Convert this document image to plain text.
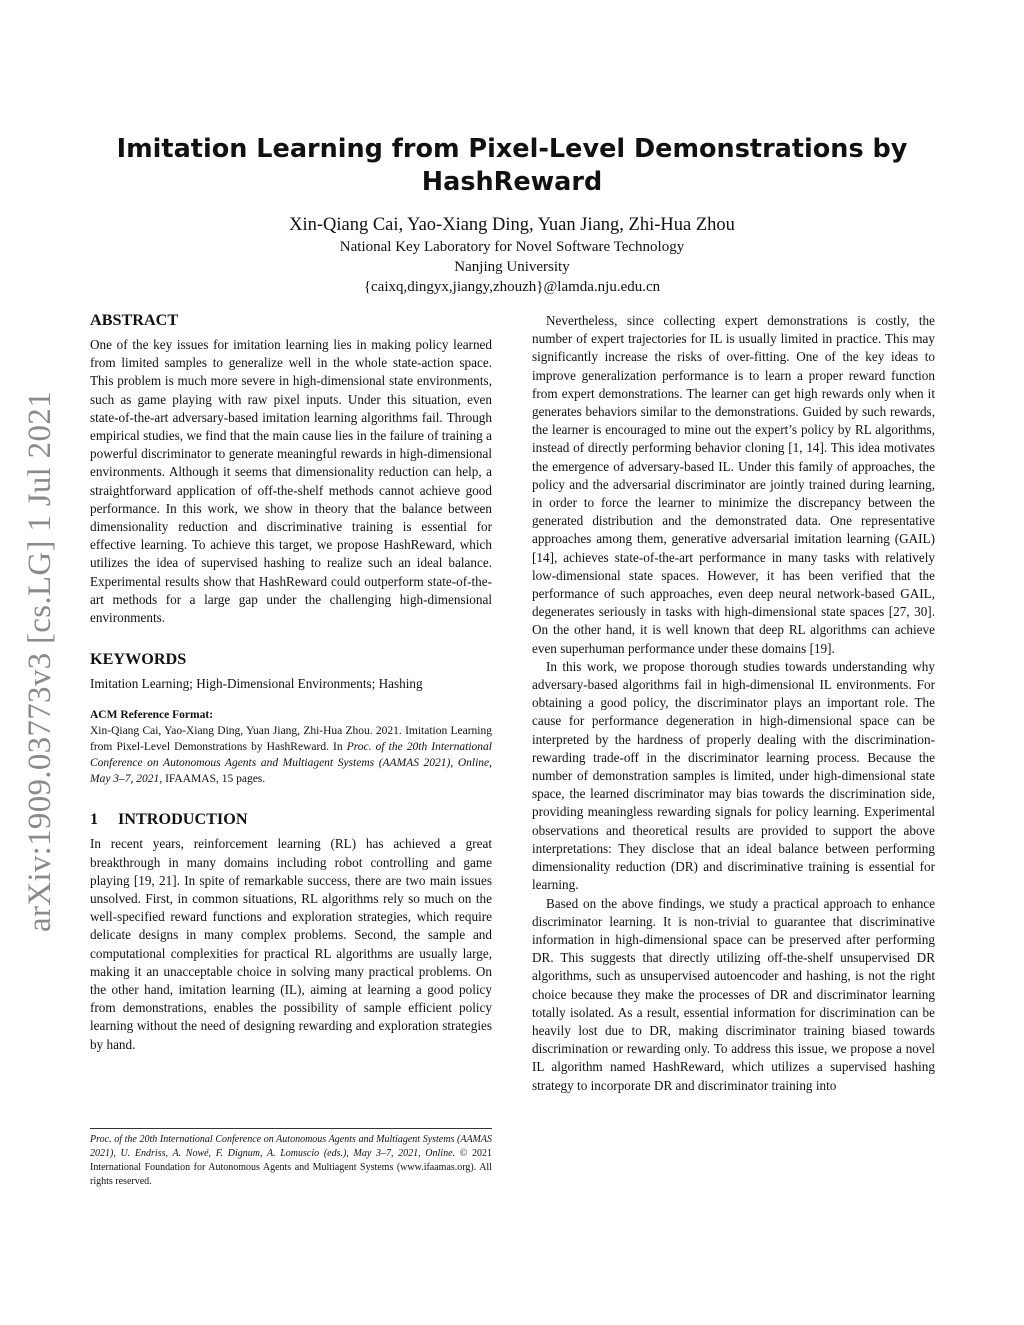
arXiv:1909.03773v3 [cs.LG] 1 Jul 2021
Imitation Learning from Pixel-Level Demonstrations by
HashReward
Xin-Qiang Cai, Yao-Xiang Ding, Yuan Jiang, Zhi-Hua Zhou
National Key Laboratory for Novel Software Technology
Nanjing University
{caixq,dingyx,jiangy,zhouzh}@lamda.nju.edu.cn
ABSTRACT

One of the key issues for imitation learning lies in making policy learned from limited samples to generalize well in the whole state-action space. This problem is much more severe in high-dimensional state environments, such as game playing with raw pixel inputs. Under this situation, even state-of-the-art adversary-based imitation learning algorithms fail. Through empirical studies, we find that the main cause lies in the failure of training a powerful discriminator to generate meaningful rewards in high-dimensional environments. Although it seems that dimensionality reduction can help, a straightforward application of off-the-shelf methods cannot achieve good performance. In this work, we show in theory that the balance between dimensionality reduction and discriminative training is essential for effective learning. To achieve this target, we propose HashReward, which utilizes the idea of supervised hashing to realize such an ideal balance. Experimental results show that HashReward could outperform state-of-the-art methods for a large gap under the challenging high-dimensional environments.

KEYWORDS

Imitation Learning; High-Dimensional Environments; Hashing

ACM Reference Format:

Xin-Qiang Cai, Yao-Xiang Ding, Yuan Jiang, Zhi-Hua Zhou. 2021. Imitation Learning from Pixel-Level Demonstrations by HashReward. In Proc. of the 20th International Conference on Autonomous Agents and Multiagent Systems (AAMAS 2021), Online, May 3–7, 2021, IFAAMAS, 15 pages.

1 INTRODUCTION

In recent years, reinforcement learning (RL) has achieved a great breakthrough in many domains including robot controlling and game playing [19, 21]. In spite of remarkable success, there are two main issues unsolved. First, in common situations, RL algorithms rely so much on the well-specified reward functions and exploration strategies, which require delicate designs in many complex problems. Second, the sample and computational complexities for practical RL algorithms are usually large, making it an unacceptable choice in solving many practical problems. On the other hand, imitation learning (IL), aiming at learning a good policy from demonstrations, enables the possibility of sample efficient policy learning without the need of designing rewarding and exploration strategies by hand.

Proc. of the 20th International Conference on Autonomous Agents and Multiagent Systems (AAMAS 2021), U. Endriss, A. Nowé, F. Dignum, A. Lomuscio (eds.), May 3–7, 2021, Online. © 2021 International Foundation for Autonomous Agents and Multiagent Systems (www.ifaamas.org). All rights reserved.

Nevertheless, since collecting expert demonstrations is costly, the number of expert trajectories for IL is usually limited in practice. This may significantly increase the risks of over-fitting. One of the key ideas to improve generalization performance is to learn a proper reward function from expert demonstrations. The learner can get high rewards only when it generates behaviors similar to the demonstrations. Guided by such rewards, the learner is encouraged to mine out the expert’s policy by RL algorithms, instead of directly performing behavior cloning [1, 14]. This idea motivates the emergence of adversary-based IL. Under this family of approaches, the policy and the adversarial discriminator are jointly trained during learning, in order to force the learner to minimize the discrepancy between the generated distribution and the demonstrated data. One representative approaches among them, generative adversarial imitation learning (GAIL) [14], achieves state-of-the-art performance in many tasks with relatively low-dimensional state spaces. However, it has been verified that the performance of such approaches, even deep neural network-based GAIL, degenerates seriously in tasks with high-dimensional state spaces [27, 30]. On the other hand, it is well known that deep RL algorithms can achieve even superhuman performance under these domains [19].

In this work, we propose thorough studies towards understanding why adversary-based algorithms fail in high-dimensional IL environments. For obtaining a good policy, the discriminator plays an important role. The cause for performance degeneration in high-dimensional space can be interpreted by the hardness of properly dealing with the discrimination-rewarding trade-off in the discriminator learning process. Because the number of demonstration samples is limited, under high-dimensional state space, the learned discriminator may bias towards the discrimination side, providing meaningless rewarding signals for policy learning. Experimental observations and theoretical results are provided to support the above interpretations: They disclose that an ideal balance between performing dimensionality reduction (DR) and discriminative training is essential for learning.

Based on the above findings, we study a practical approach to enhance discriminator learning. It is non-trivial to guarantee that discriminative information in high-dimensional space can be preserved after performing DR. This suggests that directly utilizing off-the-shelf unsupervised DR algorithms, such as unsupervised autoencoder and hashing, is not the right choice because they make the processes of DR and discriminator learning totally isolated. As a result, essential information for discrimination can be heavily lost due to DR, making discriminator training biased towards discrimination or rewarding only. To address this issue, we propose a novel IL algorithm named HashReward, which utilizes a supervised hashing strategy to incorporate DR and discriminator training into
